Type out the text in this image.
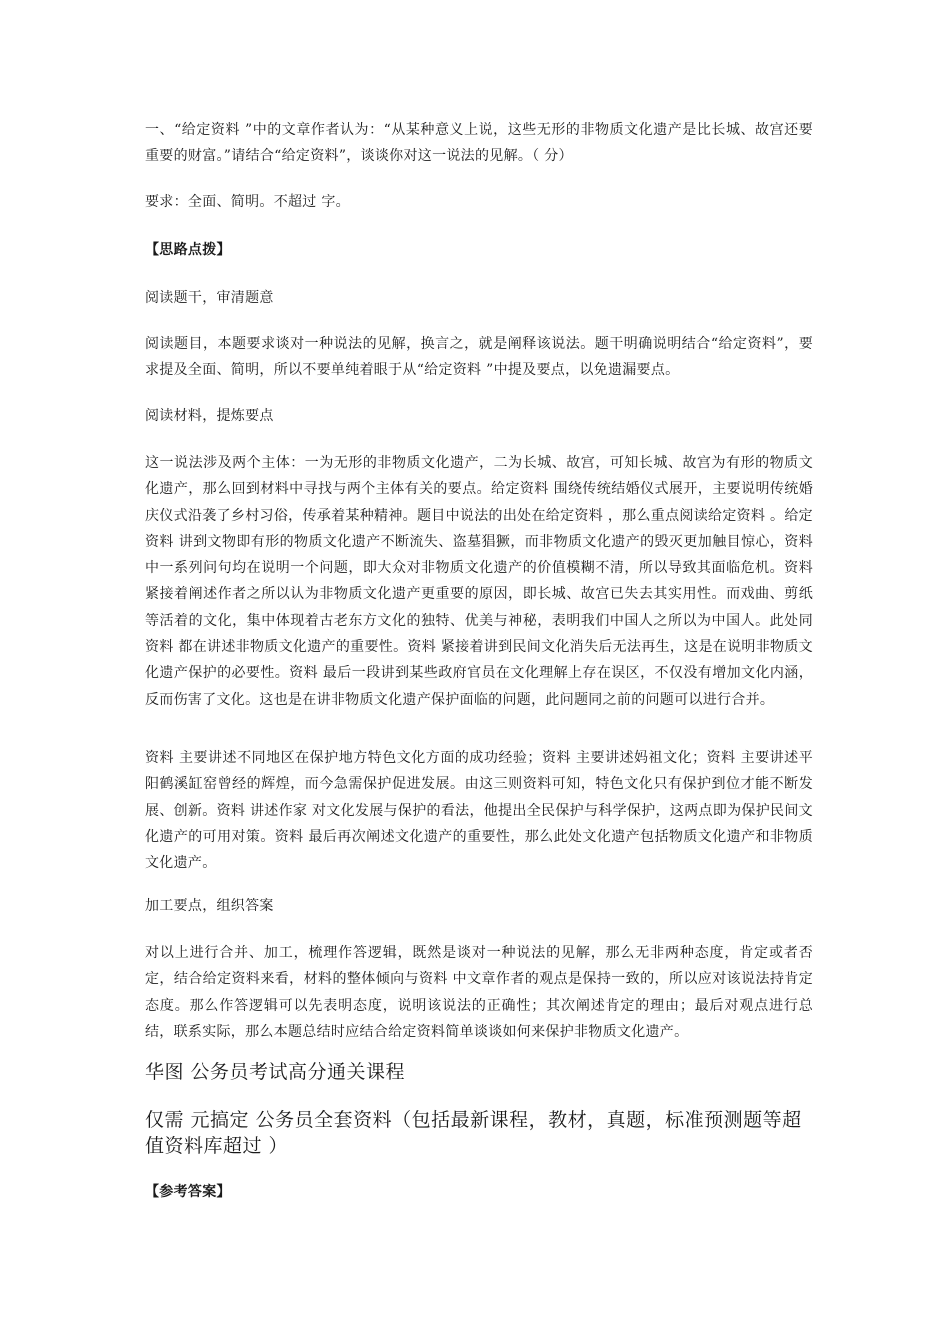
一、“给定资料 ”中的文章作者认为：“从某种意义上说，这些无形的非物质文化遗产是比长城、故宫还要重要的财富。”请结合“给定资料”，谈谈你对这一说法的见解。（ 分）

要求：全面、简明。不超过 字。

【思路点拨】

阅读题干，审清题意

阅读题目，本题要求谈对一种说法的见解，换言之，就是阐释该说法。题干明确说明结合“给定资料”，要求提及全面、简明，所以不要单纯着眼于从“给定资料 ”中提及要点，以免遗漏要点。

阅读材料，提炼要点

这一说法涉及两个主体：一为无形的非物质文化遗产，二为长城、故宫，可知长城、故宫为有形的物质文化遗产，那么回到材料中寻找与两个主体有关的要点。给定资料 围绕传统结婚仪式展开，主要说明传统婚庆仪式沿袭了乡村习俗，传承着某种精神。题目中说法的出处在给定资料 ，那么重点阅读给定资料 。给定资料 讲到文物即有形的物质文化遗产不断流失、盗墓猖獗，而非物质文化遗产的毁灭更加触目惊心，资料中一系列问句均在说明一个问题，即大众对非物质文化遗产的价值模糊不清，所以导致其面临危机。资料 紧接着阐述作者之所以认为非物质文化遗产更重要的原因，即长城、故宫已失去其实用性。而戏曲、剪纸等活着的文化，集中体现着古老东方文化的独特、优美与神秘，表明我们中国人之所以为中国人。此处同资料 都在讲述非物质文化遗产的重要性。资料 紧接着讲到民间文化消失后无法再生，这是在说明非物质文化遗产保护的必要性。资料 最后一段讲到某些政府官员在文化理解上存在误区，不仅没有增加文化内涵，反而伤害了文化。这也是在讲非物质文化遗产保护面临的问题，此问题同之前的问题可以进行合并。

资料 主要讲述不同地区在保护地方特色文化方面的成功经验；资料 主要讲述妈祖文化；资料 主要讲述平阳鹤溪缸窑曾经的辉煌，而今急需保护促进发展。由这三则资料可知，特色文化只有保护到位才能不断发展、创新。资料 讲述作家 对文化发展与保护的看法，他提出全民保护与科学保护，这两点即为保护民间文化遗产的可用对策。资料 最后再次阐述文化遗产的重要性，那么此处文化遗产包括物质文化遗产和非物质文化遗产。

加工要点，组织答案

对以上进行合并、加工，梳理作答逻辑，既然是谈对一种说法的见解，那么无非两种态度，肯定或者否定，结合给定资料来看，材料的整体倾向与资料 中文章作者的观点是保持一致的，所以应对该说法持肯定态度。那么作答逻辑可以先表明态度，说明该说法的正确性；其次阐述肯定的理由；最后对观点进行总结，联系实际，那么本题总结时应结合给定资料简单谈谈如何来保护非物质文化遗产。

华图 公务员考试高分通关课程

仅需 元搞定 公务员全套资料（包括最新课程，教材，真题，标准预测题等超值资料库超过 ）

【参考答案】
